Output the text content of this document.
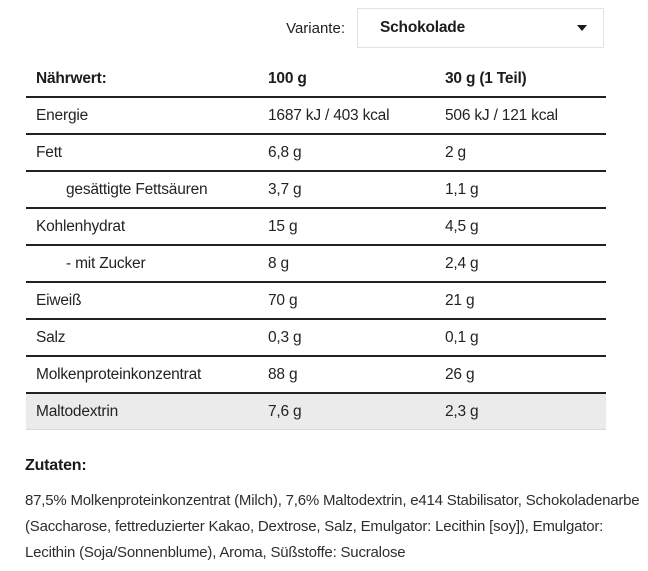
Variante: Schokolade
Nährwert:	100 g	30 g (1 Teil)
Energie	1687 kJ / 403 kcal	506 kJ / 121 kcal
Fett	6,8 g	2 g
gesättigte Fettsäuren	3,7 g	1,1 g
Kohlenhydrat	15 g	4,5 g
- mit Zucker	8 g	2,4 g
Eiweiß	70 g	21 g
Salz	0,3 g	0,1 g
Molkenproteinkonzentrat	88 g	26 g
Maltodextrin	7,6 g	2,3 g
Zutaten:

87,5% Molkenproteinkonzentrat (Milch), 7,6% Maltodextrin, e414 Stabilisator, Schokoladenarbe (Saccharose, fettreduzierter Kakao, Dextrose, Salz, Emulgator: Lecithin [soy]), Emulgator: Lecithin (Soja/Sonnenblume), Aroma, Süßstoffe: Sucralose
